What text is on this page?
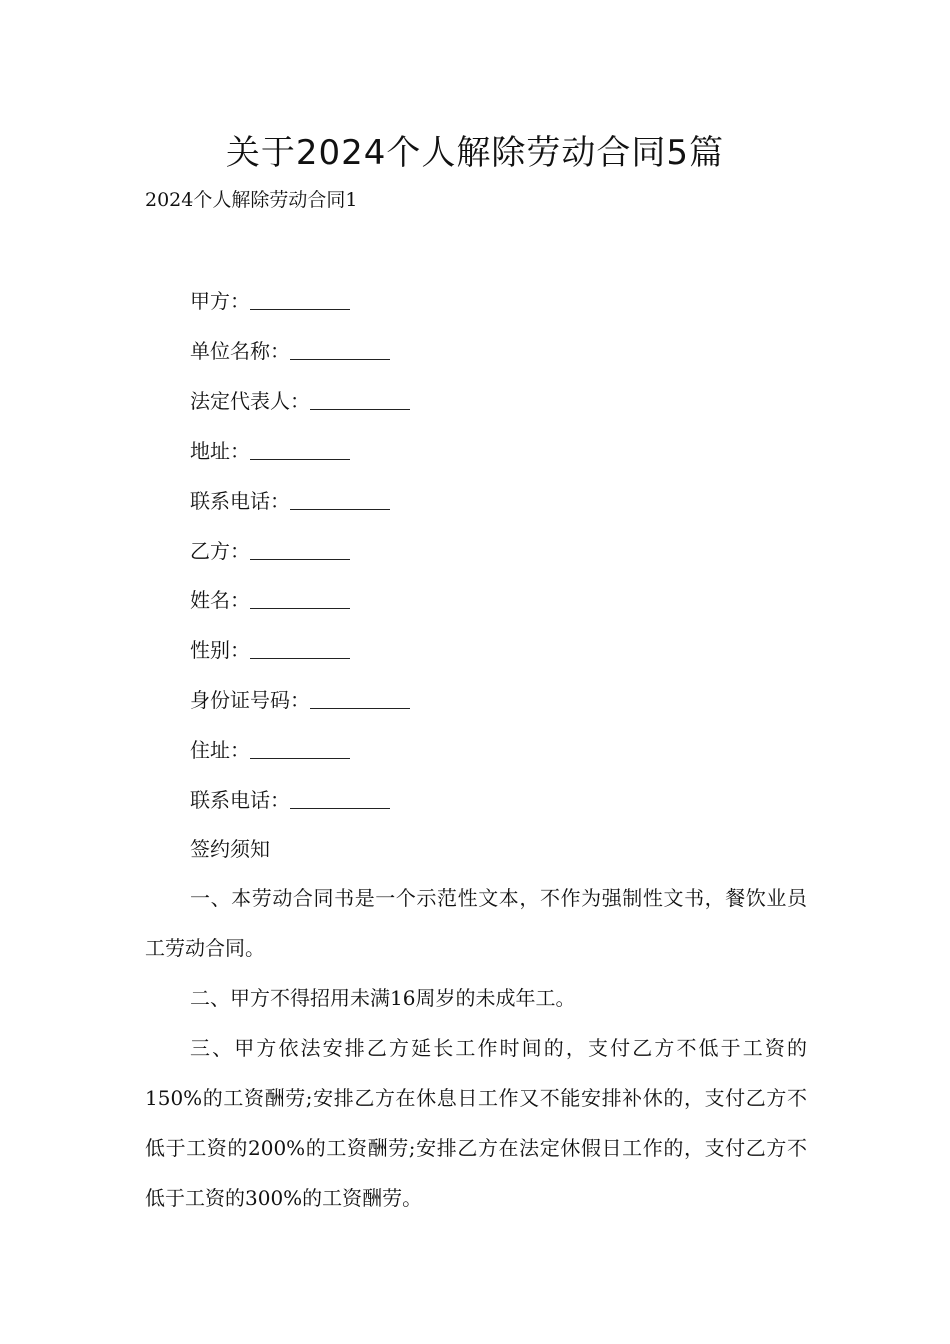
关于2024个人解除劳动合同5篇

2024个人解除劳动合同1

甲方：
单位名称：
法定代表人：
地址：
联系电话：
乙方：
姓名：
性别：
身份证号码：
住址：
联系电话：
签约须知

一、本劳动合同书是一个示范性文本，不作为强制性文书，餐饮业员工劳动合同。

二、甲方不得招用未满16周岁的未成年工。

三、甲方依法安排乙方延长工作时间的，支付乙方不低于工资的150%的工资酬劳;安排乙方在休息日工作又不能安排补休的，支付乙方不低于工资的200%的工资酬劳;安排乙方在法定休假日工作的，支付乙方不低于工资的300%的工资酬劳。
